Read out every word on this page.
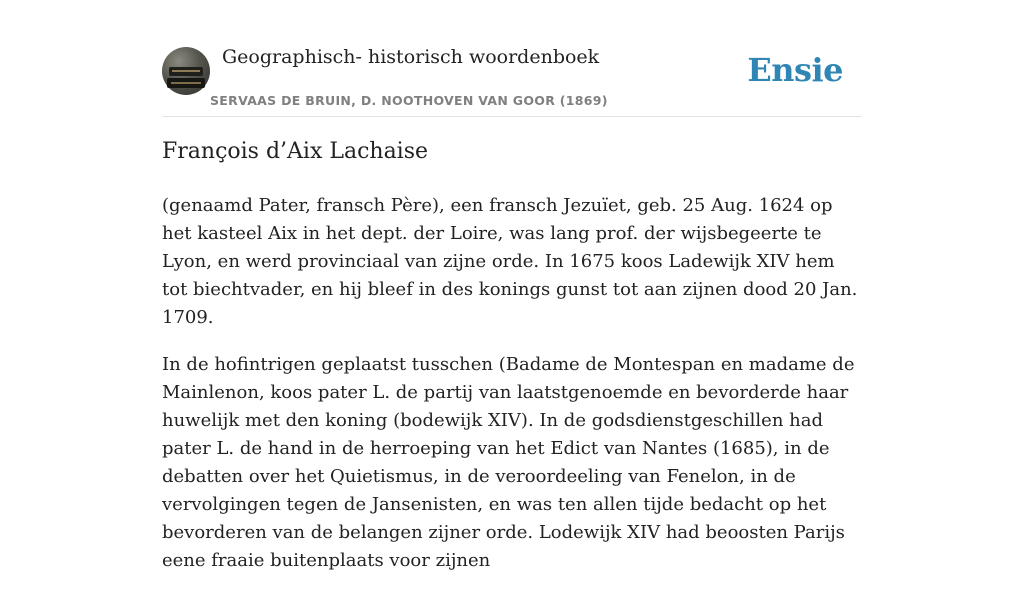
Geographisch- historisch woordenboek
SERVAAS DE BRUIN, D. NOOTHOVEN VAN GOOR (1869)
Ensie
François d’Aix Lachaise

(genaamd Pater, fransch Père), een fransch Jezuïet, geb. 25 Aug. 1624 op het kasteel Aix in het dept. der Loire, was lang prof. der wijsbegeerte te Lyon, en werd provinciaal van zijne orde. In 1675 koos Ladewijk XIV hem tot biechtvader, en hij bleef in des konings gunst tot aan zijnen dood 20 Jan. 1709.

In de hofintrigen geplaatst tusschen (Badame de Montespan en madame de Mainlenon, koos pater L. de partij van laatstgenoemde en bevorderde haar huwelijk met den koning (bodewijk XIV). In de godsdienstgeschillen had pater L. de hand in de herroeping van het Edict van Nantes (1685), in de debatten over het Quietismus, in de veroordeeling van Fenelon, in de vervolgingen tegen de Jansenisten, en was ten allen tijde bedacht op het bevorderen van de belangen zijner orde. Lodewijk XIV had beoosten Parijs eene fraaie buitenplaats voor zijnen
